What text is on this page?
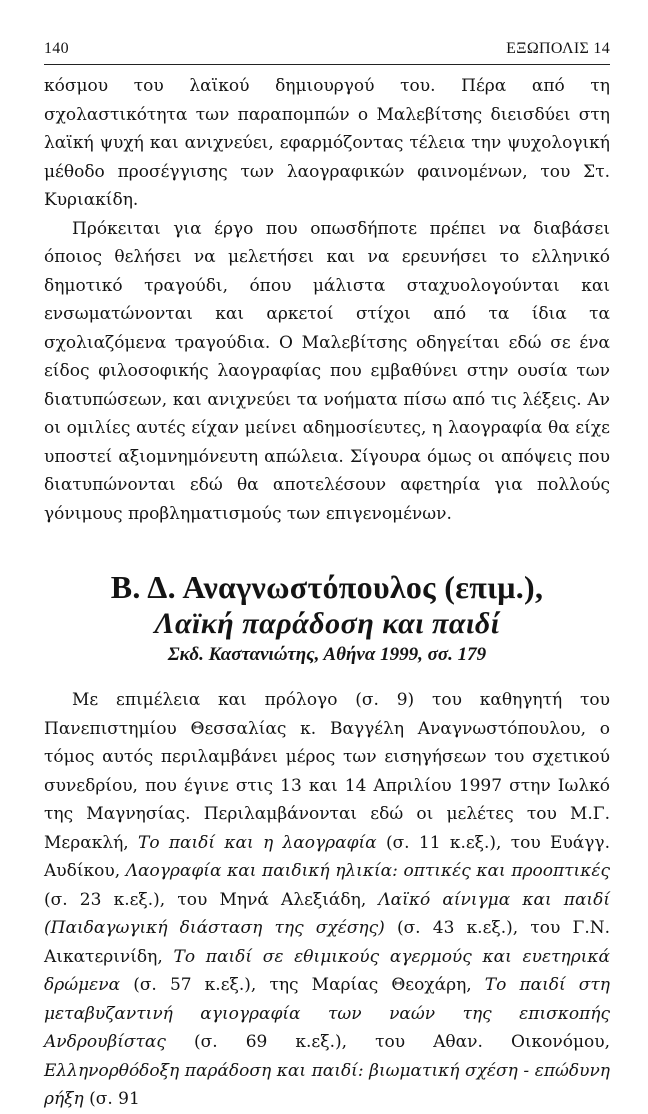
140	ΕΞΩΠΟΛΙΣ 14

κόσμου του λαϊκού δημιουργού του. Πέρα από τη σχολαστικότητα των παραπομπών ο Μαλεβίτσης διεισδύει στη λαϊκή ψυχή και ανιχνεύει, εφαρμόζοντας τέλεια την ψυχολογική μέθοδο προσέγγισης των λαογραφικών φαινομένων, του Στ. Κυριακίδη.

Πρόκειται για έργο που οπωσδήποτε πρέπει να διαβάσει όποιος θελήσει να μελετήσει και να ερευνήσει το ελληνικό δημοτικό τραγούδι, όπου μάλιστα σταχυολογούνται και ενσωματώνονται και αρκετοί στίχοι από τα ίδια τα σχολιαζόμενα τραγούδια. Ο Μαλεβίτσης οδηγείται εδώ σε ένα είδος φιλοσοφικής λαογραφίας που εμβαθύνει στην ουσία των διατυπώσεων, και ανιχνεύει τα νοήματα πίσω από τις λέξεις. Αν οι ομιλίες αυτές είχαν μείνει αδημοσίευτες, η λαογραφία θα είχε υποστεί αξιομνημόνευτη απώλεια. Σίγουρα όμως οι απόψεις που διατυπώνονται εδώ θα αποτελέσουν αφετηρία για πολλούς γόνιμους προβληματισμούς των επιγενομένων.

Β. Δ. Αναγνωστόπουλος (επιμ.),
Λαϊκή παράδοση και παιδί
Σκδ. Καστανιώτης, Αθήνα 1999, σσ. 179

Με επιμέλεια και πρόλογο (σ. 9) του καθηγητή του Πανεπιστημίου Θεσσαλίας κ. Βαγγέλη Αναγνωστόπουλου, ο τόμος αυτός περιλαμβάνει μέρος των εισηγήσεων του σχετικού συνεδρίου, που έγινε στις 13 και 14 Απριλίου 1997 στην Ιωλκό της Μαγνησίας. Περιλαμβάνονται εδώ οι μελέτες του Μ.Γ. Μερακλή, Το παιδί και η λαογραφία (σ. 11 κ.εξ.), του Ευάγγ. Αυδίκου, Λαογραφία και παιδική ηλικία: οπτικές και προοπτικές (σ. 23 κ.εξ.), του Μηνά Αλεξιάδη, Λαϊκό αίνιγμα και παιδί (Παιδαγωγική διάσταση της σχέσης) (σ. 43 κ.εξ.), του Γ.Ν. Αικατερινίδη, Το παιδί σε εθιμικούς αγερμούς και ευετηρικά δρώμενα (σ. 57 κ.εξ.), της Μαρίας Θεοχάρη, Το παιδί στη μεταβυζαντινή αγιογραφία των ναών της επισκοπής Ανδρουβίστας (σ. 69 κ.εξ.), του Αθαν. Οικονόμου, Ελληνορθόδοξη παράδοση και παιδί: βιωματική σχέση - επώδυνη ρήξη (σ. 91
